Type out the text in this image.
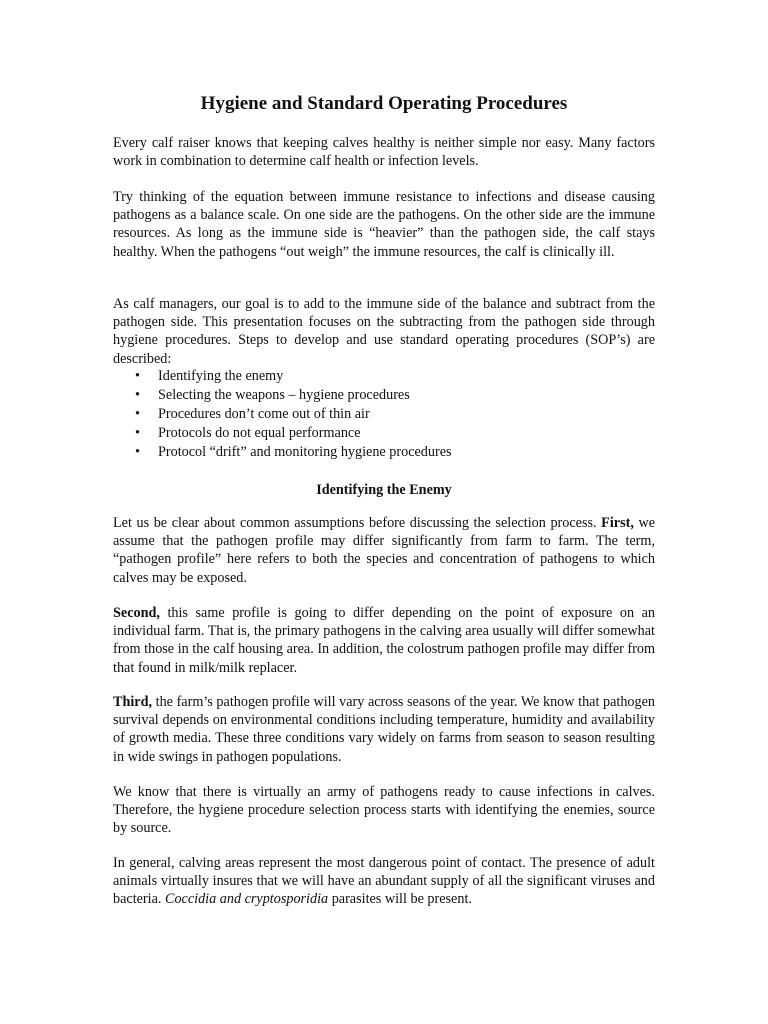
Hygiene and Standard Operating Procedures

Every calf raiser knows that keeping calves healthy is neither simple nor easy. Many factors work in combination to determine calf health or infection levels.

Try thinking of the equation between immune resistance to infections and disease causing pathogens as a balance scale. On one side are the pathogens. On the other side are the immune resources. As long as the immune side is “heavier” than the pathogen side, the calf stays healthy. When the pathogens “out weigh” the immune resources, the calf is clinically ill.

As calf managers, our goal is to add to the immune side of the balance and subtract from the pathogen side. This presentation focuses on the subtracting from the pathogen side through hygiene procedures. Steps to develop and use standard operating procedures (SOP’s) are described:

• Identifying the enemy
• Selecting the weapons – hygiene procedures
• Procedures don’t come out of thin air
• Protocols do not equal performance
• Protocol “drift” and monitoring hygiene procedures
Identifying the Enemy

Let us be clear about common assumptions before discussing the selection process. First, we assume that the pathogen profile may differ significantly from farm to farm. The term, “pathogen profile” here refers to both the species and concentration of pathogens to which calves may be exposed.

Second, this same profile is going to differ depending on the point of exposure on an individual farm. That is, the primary pathogens in the calving area usually will differ somewhat from those in the calf housing area. In addition, the colostrum pathogen profile may differ from that found in milk/milk replacer.

Third, the farm’s pathogen profile will vary across seasons of the year. We know that pathogen survival depends on environmental conditions including temperature, humidity and availability of growth media. These three conditions vary widely on farms from season to season resulting in wide swings in pathogen populations.

We know that there is virtually an army of pathogens ready to cause infections in calves. Therefore, the hygiene procedure selection process starts with identifying the enemies, source by source.

In general, calving areas represent the most dangerous point of contact. The presence of adult animals virtually insures that we will have an abundant supply of all the significant viruses and bacteria. Coccidia and cryptosporidia parasites will be present.
